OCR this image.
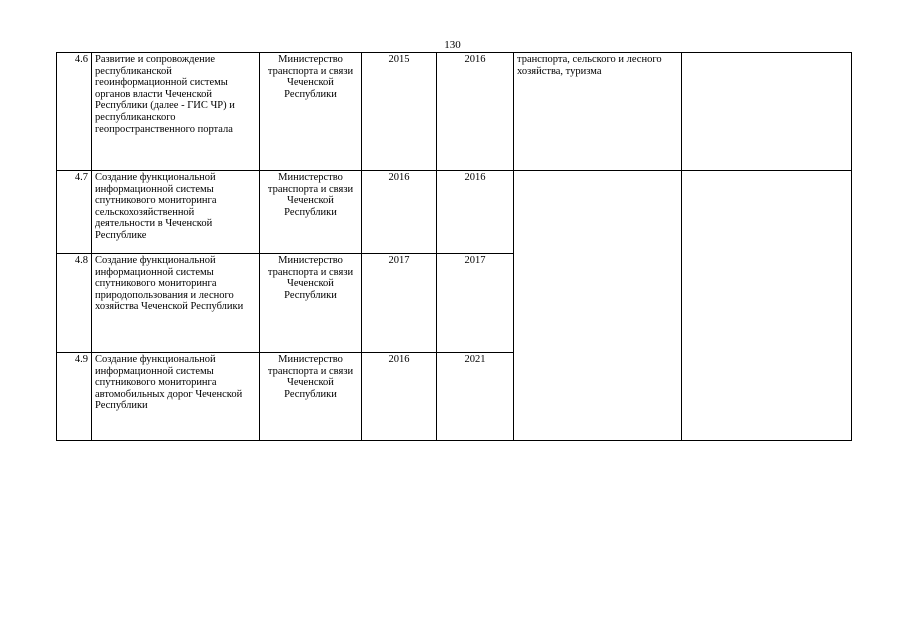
130
4.6	Развитие и сопровождение республиканской геоинформационной системы органов власти Чеченской Республики (далее - ГИС ЧР) и республиканского геопространственного портала	Министерство транспорта и связи Чеченской Республики	2015	2016	транспорта, сельского и лесного хозяйства, туризма	
4.7	Создание функциональной информационной системы спутникового мониторинга сельскохозяйственной деятельности в Чеченской Республике	Министерство транспорта и связи Чеченской Республики	2016	2016		
4.8	Создание функциональной информационной системы спутникового мониторинга природопользования и лесного хозяйства Чеченской Республики	Министерство транспорта и связи Чеченской Республики	2017	2017		
4.9	Создание функциональной информационной системы спутникового мониторинга автомобильных дорог Чеченской Республики	Министерство транспорта и связи Чеченской Республики	2016	2021		
